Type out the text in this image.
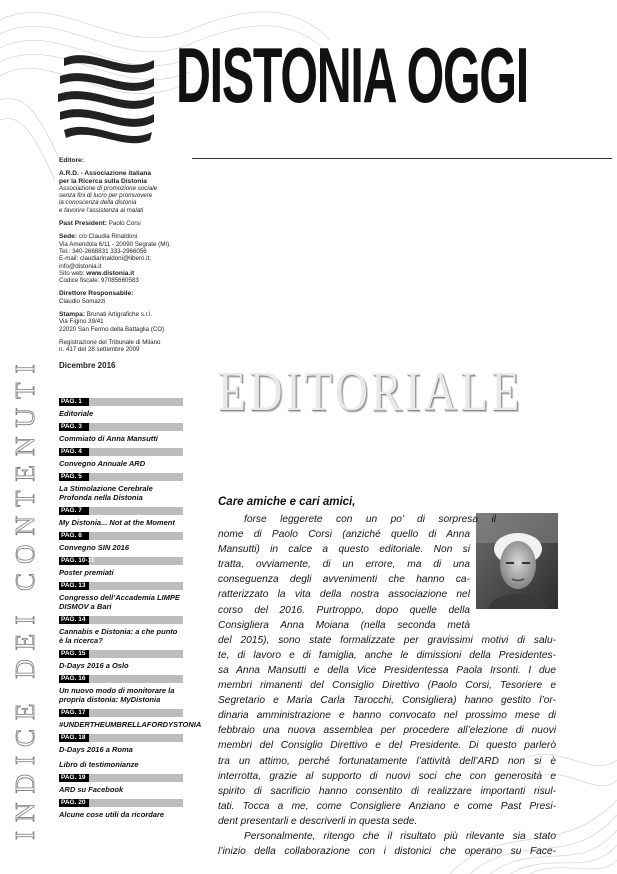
DISTONIA OGGI
Editore:
A.R.D. - Associazione italiana
per la Ricerca sulla Distonia
Associazione di promozione sociale
senza fini di lucro per promuovere
la conoscenza della distonia
e favorire l’assistenza ai malati
Past President: Paolo Corsi
Sede: c/o Claudia Rinaldoni
Via Amendola 6/11 - 20090 Segrate (MI).
Tel.: 340-2668831 333-2966056
E-mail: claudiarinaldoni@libero.it;
info@distonia.it
Sito web: www.distonia.it
Codice fiscale: 97085660583
Direttore Responsabile:
Claudio Somazzi
Stampa: Brunati Artigrafiche s.r.l.
Via Figino 39/41
22020 San Fermo della Battaglia (CO)
Registrazione del Tribunale di Milano
n. 417 del 28 settembre 2009
Dicembre 2016	EDITORIALE
INDICE DEI CONTENUTI	PAG. 1
Editoriale
PAG. 3
Commiato di Anna Mansutti
PAG. 4
Convegno Annuale ARD
PAG. 5
La Stimolazione Cerebrale Profonda nella Distonia
PAG. 7
My Distonia... Not at the Moment
PAG. 8
Convegno SIN 2016
PAG. 10-11
Poster premiati
PAG. 13
Congresso dell’Accademia LIMPE DISMOV a Bari
PAG. 14
Cannabis e Distonia: a che punto è la ricerca?
PAG. 15
D-Days 2016 a Oslo
PAG. 16
Un nuovo modo di monitorare la propria distonia: MyDistonia
PAG. 17
#UNDERTHEUMBRELLAFORDYSTONIA
PAG. 18
D-Days 2016 a Roma
Libro di testimonianze
PAG. 19
ARD su Facebook
PAG. 20
Alcune cose utili da ricordare
Care amiche e cari amici,
forse leggerete con un po’ di sorpresa il
nome di Paolo Corsi (anziché quello di Anna
Mansutti) in calce a questo editoriale. Non si
tratta, ovviamente, di un errore, ma di una
conseguenza degli avvenimenti che hanno ca-
ratterizzato la vita della nostra associazione nel
corso del 2016. Purtroppo, dopo quelle della
Consigliera Anna Moiana (nella seconda metà
del 2015), sono state formalizzate per gravissimi motivi di salu-
te, di lavoro e di famiglia, anche le dimissioni della Presidentes-
sa Anna Mansutti e della Vice Presidentessa Paola Irsonti. I due
membri rimanenti del Consiglio Direttivo (Paolo Corsi, Tesoriere e
Segretario e Maria Carla Tarocchi, Consigliera) hanno gestito l’or-
dinaria amministrazione e hanno convocato nel prossimo mese di
febbraio una nuova assemblea per procedere all’elezione di nuovi
membri del Consiglio Direttivo e del Presidente. Di questo parlerò
tra un attimo, perché fortunatamente l’attività dell’ARD non si è
interrotta, grazie al supporto di nuovi soci che con generosità e
spirito di sacrificio hanno consentito di realizzare importanti risul-
tati. Tocca a me, come Consigliere Anziano e come Past Presi-
dent presentarli e descriverli in questa sede.
Personalmente, ritengo che il risultato più rilevante sia stato
l’inizio della collaborazione con i distonici che operano su Face-
